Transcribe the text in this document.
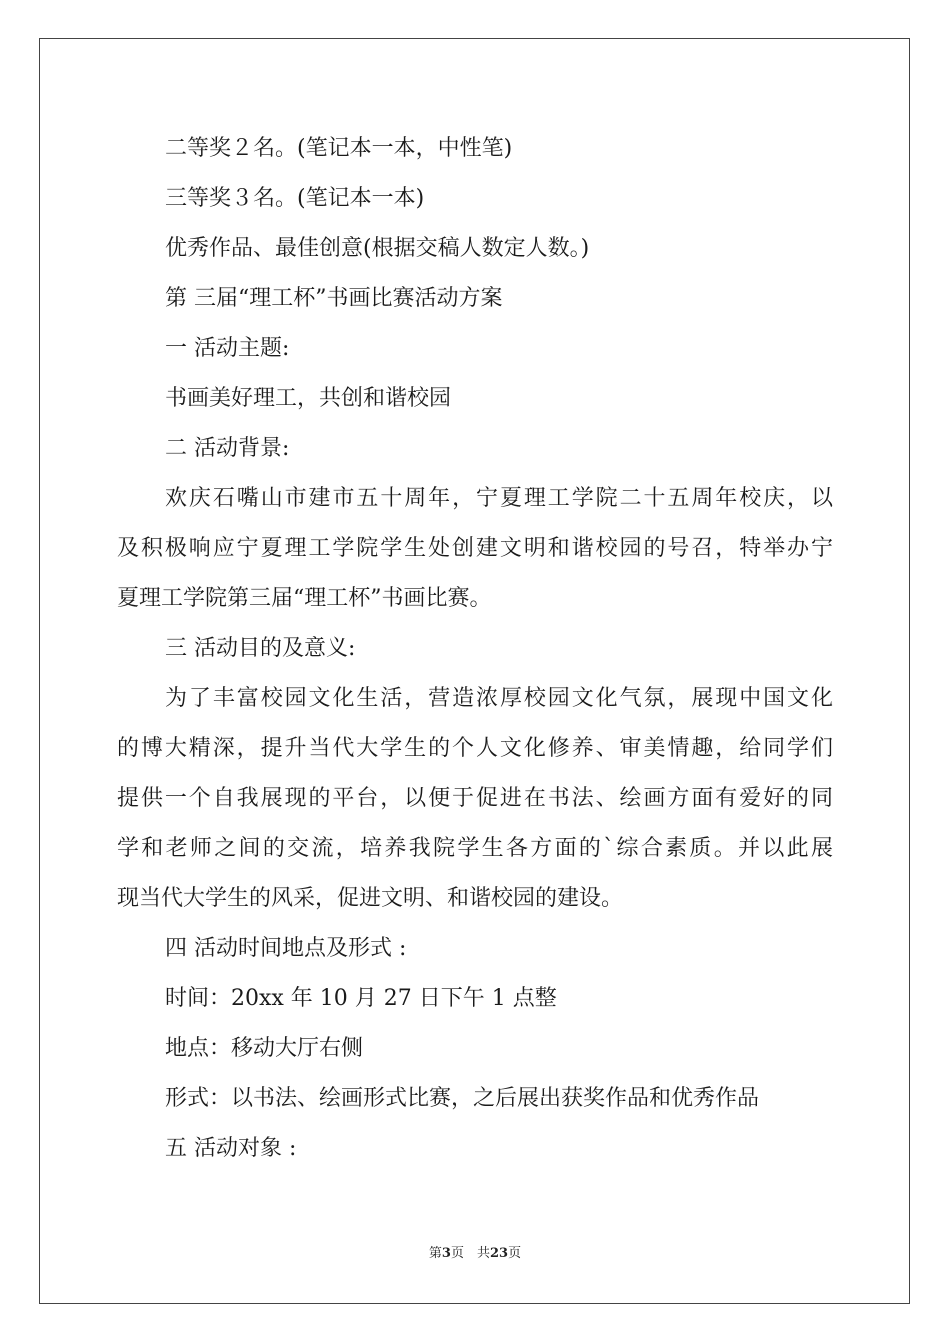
二等奖２名。(笔记本一本，中性笔)
三等奖３名。(笔记本一本)
优秀作品、最佳创意(根据交稿人数定人数。)
第 三届“理工杯”书画比赛活动方案
一 活动主题:
书画美好理工，共创和谐校园
二 活动背景:
欢庆石嘴山市建市五十周年，宁夏理工学院二十五周年校庆，以
及积极响应宁夏理工学院学生处创建文明和谐校园的号召，特举办宁
夏理工学院第三届“理工杯”书画比赛。
三 活动目的及意义:
为了丰富校园文化生活，营造浓厚校园文化气氛，展现中国文化
的博大精深，提升当代大学生的个人文化修养、审美情趣，给同学们
提供一个自我展现的平台，以便于促进在书法、绘画方面有爱好的同
学和老师之间的交流，培养我院学生各方面的`综合素质。并以此展
现当代大学生的风采，促进文明、和谐校园的建设。
四 活动时间地点及形式 :
时间：20xx 年 10 月 27 日下午 1 点整
地点：移动大厅右侧
形式：以书法、绘画形式比赛，之后展出获奖作品和优秀作品
五 活动对象 :
第3页　共23页
